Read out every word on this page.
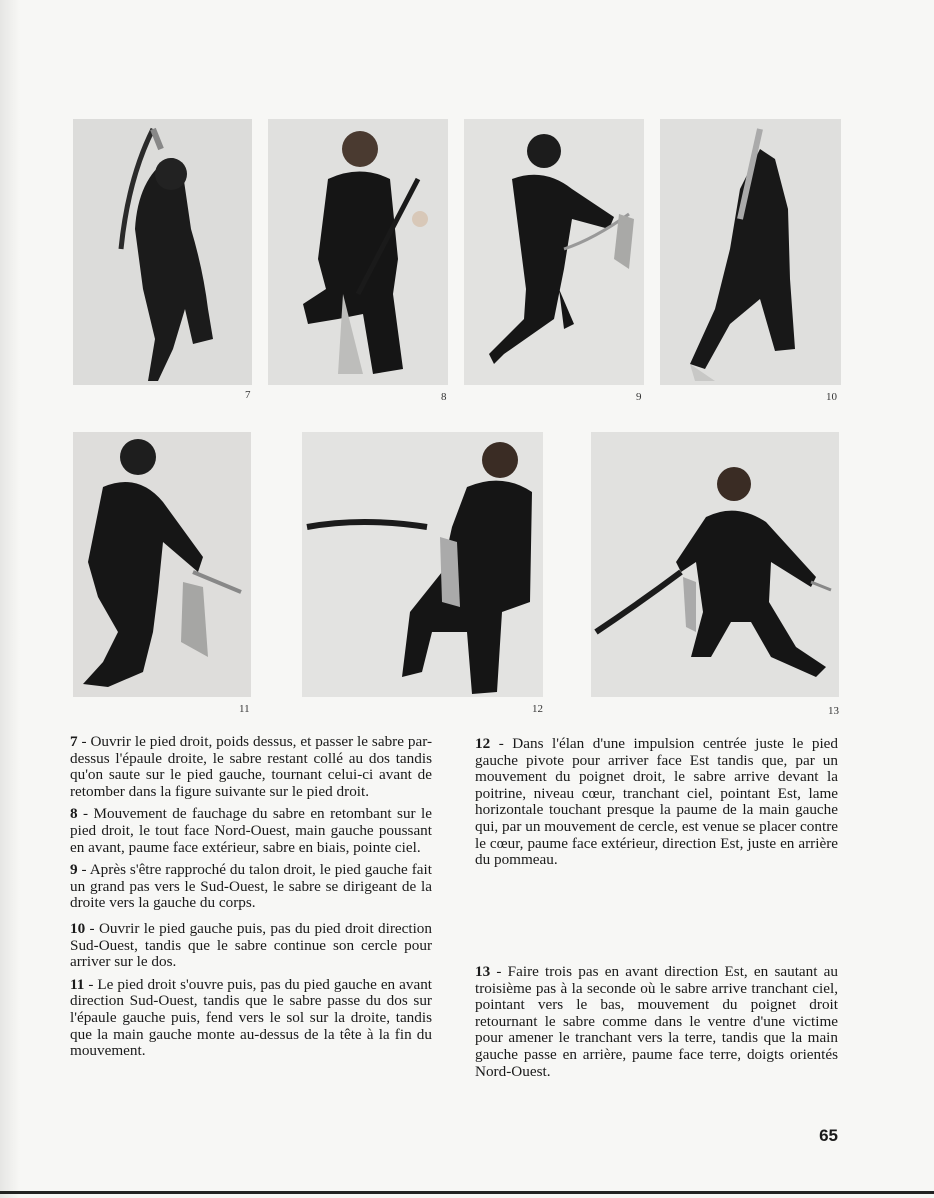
7	8	9	10
11	12	13

7 - Ouvrir le pied droit, poids dessus, et passer le sabre par-dessus l'épaule droite, le sabre restant collé au dos tandis qu'on saute sur le pied gauche, tournant celui-ci avant de retomber dans la figure suivante sur le pied droit.

8 - Mouvement de fauchage du sabre en retombant sur le pied droit, le tout face Nord-Ouest, main gauche poussant en avant, paume face extérieur, sabre en biais, pointe ciel.

9 - Après s'être rapproché du talon droit, le pied gauche fait un grand pas vers le Sud-Ouest, le sabre se dirigeant de la droite vers la gauche du corps.

10 - Ouvrir le pied gauche puis, pas du pied droit direction Sud-Ouest, tandis que le sabre continue son cercle pour arriver sur le dos.

11 - Le pied droit s'ouvre puis, pas du pied gauche en avant direction Sud-Ouest, tandis que le sabre passe du dos sur l'épaule gauche puis, fend vers le sol sur la droite, tandis que la main gauche monte au-dessus de la tête à la fin du mouvement.

12 - Dans l'élan d'une impulsion centrée juste le pied gauche pivote pour arriver face Est tandis que, par un mouvement du poignet droit, le sabre arrive devant la poitrine, niveau cœur, tranchant ciel, pointant Est, lame horizontale touchant presque la paume de la main gauche qui, par un mouvement de cercle, est venue se placer contre le cœur, paume face extérieur, direction Est, juste en arrière du pommeau.

13 - Faire trois pas en avant direction Est, en sautant au troisième pas à la seconde où le sabre arrive tranchant ciel, pointant vers le bas, mouvement du poignet droit retournant le sabre comme dans le ventre d'une victime pour amener le tranchant vers la terre, tandis que la main gauche passe en arrière, paume face terre, doigts orientés Nord-Ouest.

65
